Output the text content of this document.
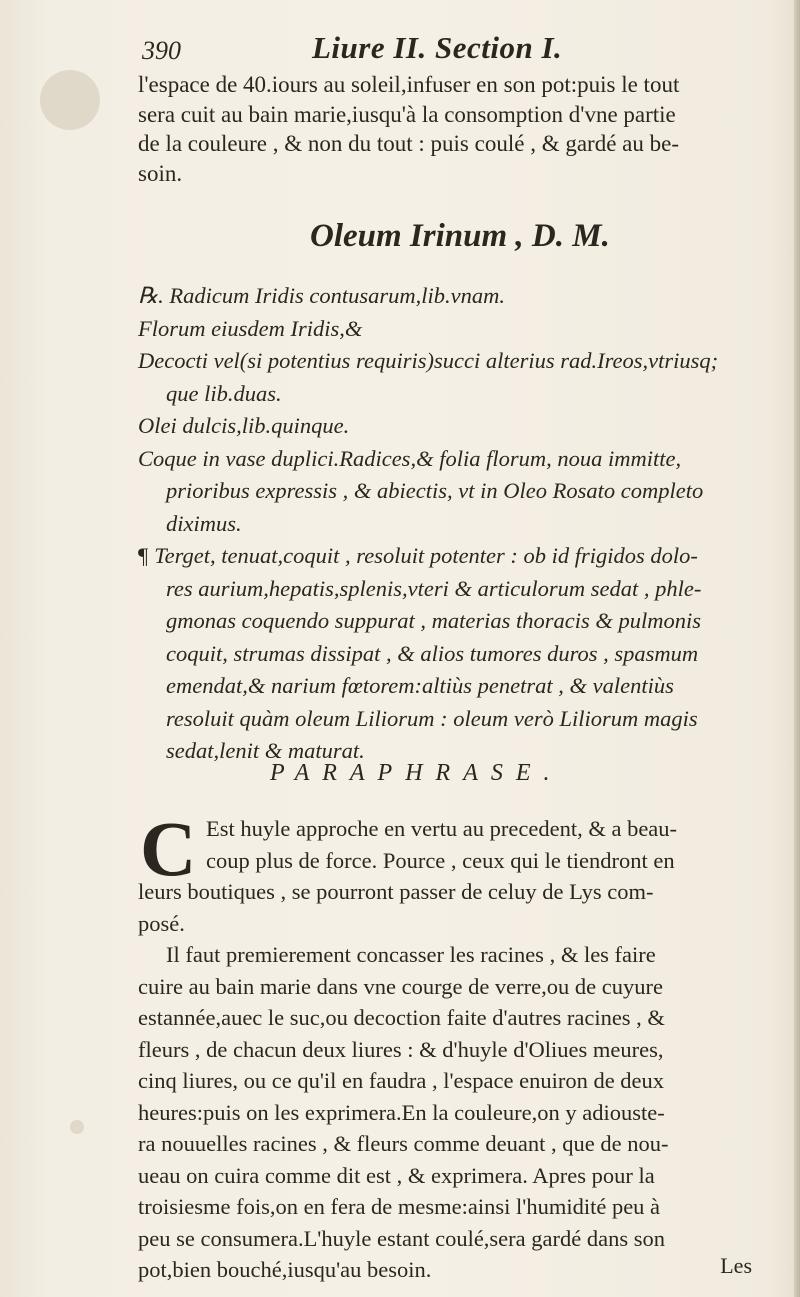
390	Liure II. Section I.
l'espace de 40.iours au soleil,infuser en son pot:puis le tout
sera cuit au bain marie,iusqu'à la consomption d'vne partie
de la couleure , & non du tout : puis coulé , & gardé au be-
soin.
Oleum Irinum , D. M.
℞. Radicum Iridis contusarum,lib.vnam.
Florum eiusdem Iridis,&
Decocti vel(si potentius requiris)succi alterius rad.Ireos,vtriusq;
que lib.duas.
Olei dulcis,lib.quinque.
Coque in vase duplici.Radices,& folia florum, noua immitte,
prioribus expressis , & abiectis, vt in Oleo Rosato completo
diximus.
¶ Terget, tenuat,coquit , resoluit potenter : ob id frigidos dolo-
res aurium,hepatis,splenis,vteri & articulorum sedat , phle-
gmonas coquendo suppurat , materias thoracis & pulmonis
coquit, strumas dissipat , & alios tumores duros , spasmum
emendat,& narium fœtorem:altiùs penetrat , & valentiùs
resoluit quàm oleum Liliorum : oleum verò Liliorum magis
sedat,lenit & maturat.
PARAPHRASE.
C Est huyle approche en vertu au precedent, & a beau-
coup plus de force. Pource , ceux qui le tiendront en
leurs boutiques , se pourront passer de celuy de Lys com-
posé.
Il faut premierement concasser les racines , & les faire
cuire au bain marie dans vne courge de verre,ou de cuyure
estannée,auec le suc,ou decoction faite d'autres racines , &
fleurs , de chacun deux liures : & d'huyle d'Oliues meures,
cinq liures, ou ce qu'il en faudra , l'espace enuiron de deux
heures:puis on les exprimera.En la couleure,on y adiouste-
ra nouuelles racines , & fleurs comme deuant , que de nou-
ueau on cuira comme dit est , & exprimera. Apres pour la
troisiesme fois,on en fera de mesme:ainsi l'humidité peu à
peu se consumera.L'huyle estant coulé,sera gardé dans son
pot,bien bouché,iusqu'au besoin.	Les
